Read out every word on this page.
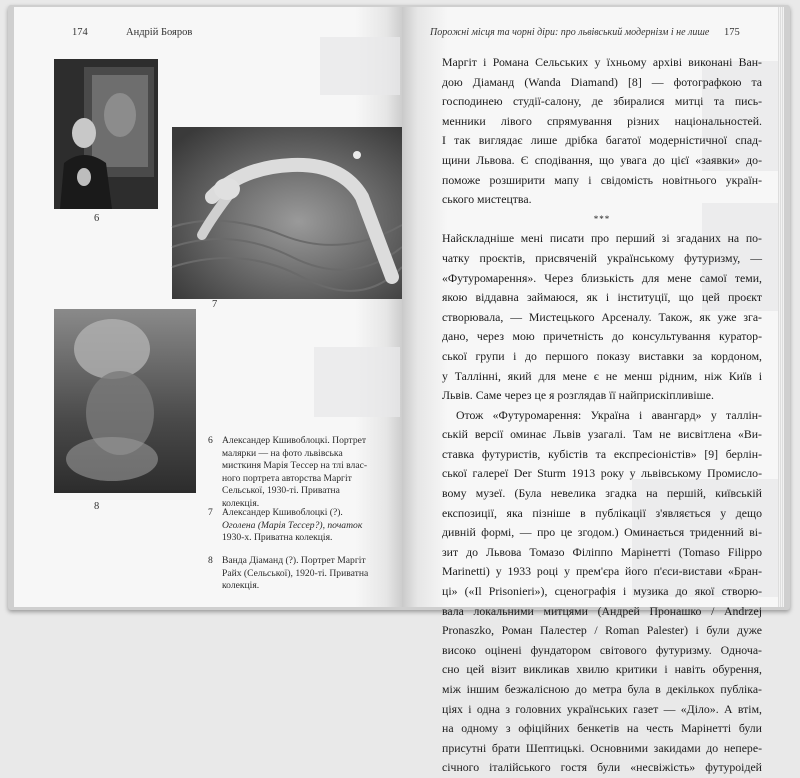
174	Андрій Бояров
6
7
8
6 Александер Кшивоблоцкі. Портрет
малярки — на фото львівська
мисткиня Марія Тессер на тлі влас-
ного портрета авторства Маргіт
Сельської, 1930-ті. Приватна
колекція.
7 Александер Кшивоблоцкі (?).
Оголена (Марія Тессер?), початок
1930-х. Приватна колекція.
8 Ванда Діаманд (?). Портрет Маргіт
Райх (Сельської), 1920-ті. Приватна
колекція.
Порожні місця та чорні діри: про львівський модернізм і не лише 175
Маргіт і Романа Сельських у їхньому архіві виконані Ван-
дою Діаманд (Wanda Diamand) [8] — фотографкою та
господинею студії-салону, де збиралися митці та пись-
менники лівого спрямування різних національностей.
І так виглядає лише дрібка багатої модерністичної спад-
щини Львова. Є сподівання, що увага до цієї «заявки» до-
поможе розширити мапу і свідомість новітнього україн-
ського мистецтва.
***
Найскладніше мені писати про перший зі згаданих на по-
чатку проєктів, присвяченій українському футуризму, —
«Футуромарення». Через близькість для мене самої теми,
якою віддавна займаюся, як і інституції, що цей проєкт
створювала, — Мистецького Арсеналу. Також, як уже зга-
дано, через мою причетність до консультування куратор-
ської групи і до першого показу виставки за кордоном,
у Таллінні, який для мене є не менш рідним, ніж Київ і
Львів. Саме через це я розглядав її найприскіпливіше.
Отож «Футуромарення: Україна і авангард» у таллін-
ській версії оминає Львів узагалі. Там не висвітлена «Ви-
ставка футуристів, кубістів та експресіоністів» [9] берлін-
ської галереї Der Sturm 1913 року у львівському Промисло-
вому музеї. (Була невелика згадка на першій, київській
експозиції, яка пізніше в публікації з'являється у дещо
дивній формі, — про це згодом.) Оминається триденний ві-
зит до Львова Томазо Філіппо Марінетті (Tomaso Filippo
Marinetti) у 1933 році у прем'єра його п'єси-вистави «Бран-
ці» («Il Prisonieri»), сценографія і музика до якої створю-
вала локальними митцями (Андрей Пронашко / Andrzej
Pronaszko, Роман Палестер / Roman Palester) і були дуже
високо оцінені фундатором світового футуризму. Одноча-
сно цей візит викликав хвилю критики і навіть обурення,
між іншим безжалісною до метра була в декількох публіка-
ціях і одна з головних українських газет — «Діло». А втім,
на одному з офіційних бенкетів на честь Марінетті були
присутні брати Шептицькі. Основними закидами до непере-
січного італійського гостя були «несвіжість» футуроідей
